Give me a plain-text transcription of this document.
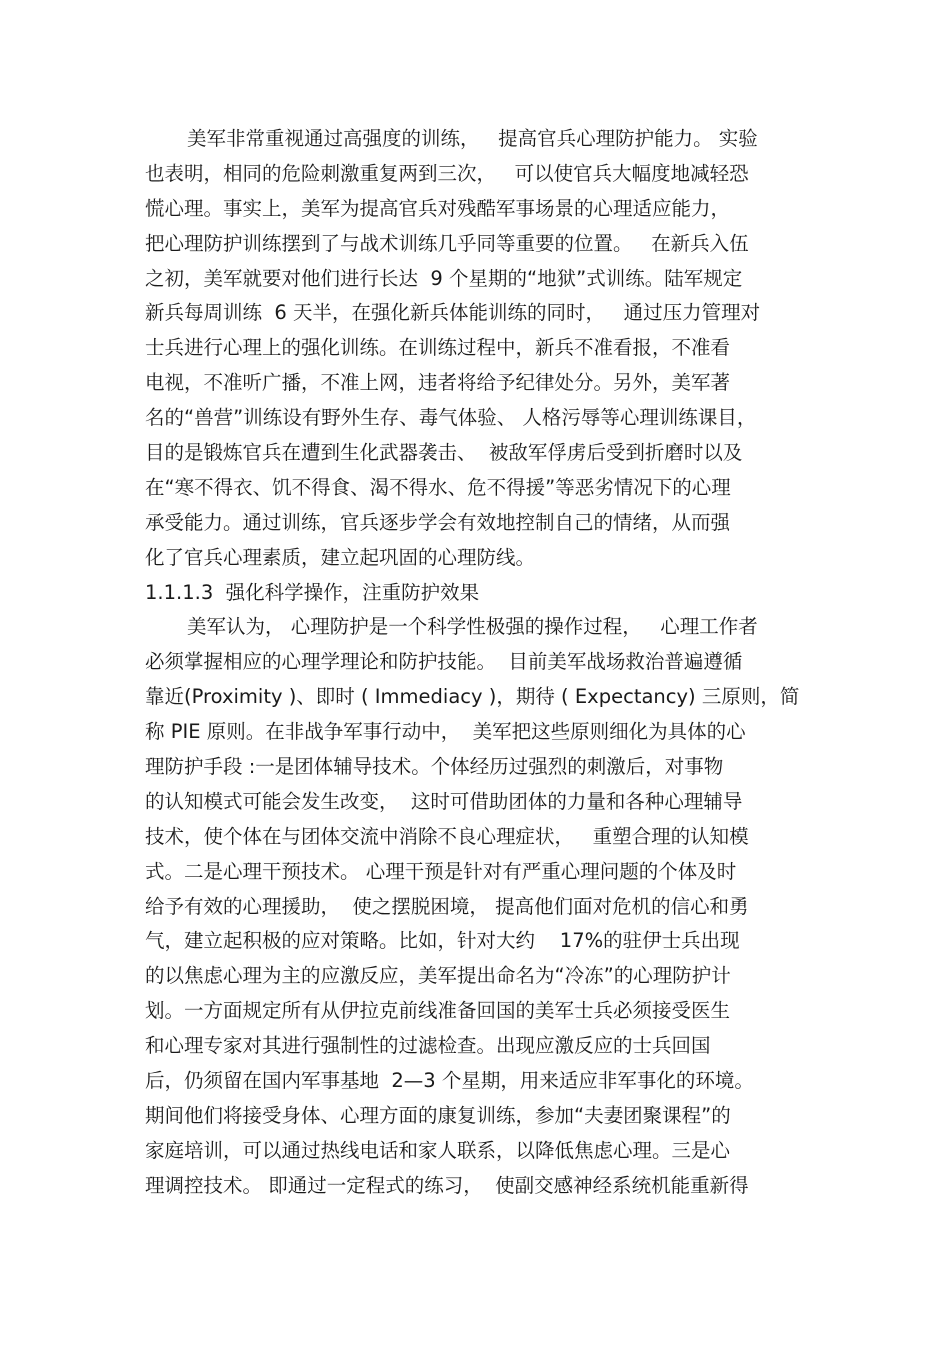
美军非常重视通过高强度的训练，   提高官兵心理防护能力。 实验
也表明，相同的危险刺激重复两到三次，   可以使官兵大幅度地减轻恐
慌心理。事实上，美军为提高官兵对残酷军事场景的心理适应能力，
把心理防护训练摆到了与战术训练几乎同等重要的位置。   在新兵入伍
之初，美军就要对他们进行长达  9 个星期的“地狱”式训练。陆军规定
新兵每周训练  6 天半，在强化新兵体能训练的同时，   通过压力管理对
士兵进行心理上的强化训练。在训练过程中，新兵不准看报，不准看
电视，不准听广播，不准上网，违者将给予纪律处分。另外，美军著
名的“兽营”训练设有野外生存、毒气体验、 人格污辱等心理训练课目，
目的是锻炼官兵在遭到生化武器袭击、  被敌军俘虏后受到折磨时以及
在“寒不得衣、饥不得食、渴不得水、危不得援”等恶劣情况下的心理
承受能力。通过训练，官兵逐步学会有效地控制自己的情绪，从而强
化了官兵心理素质，建立起巩固的心理防线。
1.1.1.3  强化科学操作，注重防护效果
美军认为， 心理防护是一个科学性极强的操作过程，   心理工作者
必须掌握相应的心理学理论和防护技能。  目前美军战场救治普遍遵循
靠近(Proximity )、即时 ( Immediacy )，期待 ( Expectancy) 三原则，简
称 PIE 原则。在非战争军事行动中，  美军把这些原则细化为具体的心
理防护手段 :一是团体辅导技术。个体经历过强烈的刺激后，对事物
的认知模式可能会发生改变，  这时可借助团体的力量和各种心理辅导
技术，使个体在与团体交流中消除不良心理症状，   重塑合理的认知模
式。二是心理干预技术。 心理干预是针对有严重心理问题的个体及时
给予有效的心理援助，  使之摆脱困境， 提高他们面对危机的信心和勇
气，建立起积极的应对策略。比如，针对大约    17%的驻伊士兵出现
的以焦虑心理为主的应激反应，美军提出命名为“冷冻”的心理防护计
划。一方面规定所有从伊拉克前线准备回国的美军士兵必须接受医生
和心理专家对其进行强制性的过滤检查。出现应激反应的士兵回国
后，仍须留在国内军事基地  2—3 个星期，用来适应非军事化的环境。
期间他们将接受身体、心理方面的康复训练，参加“夫妻团聚课程”的
家庭培训，可以通过热线电话和家人联系，以降低焦虑心理。三是心
理调控技术。 即通过一定程式的练习，  使副交感神经系统机能重新得
